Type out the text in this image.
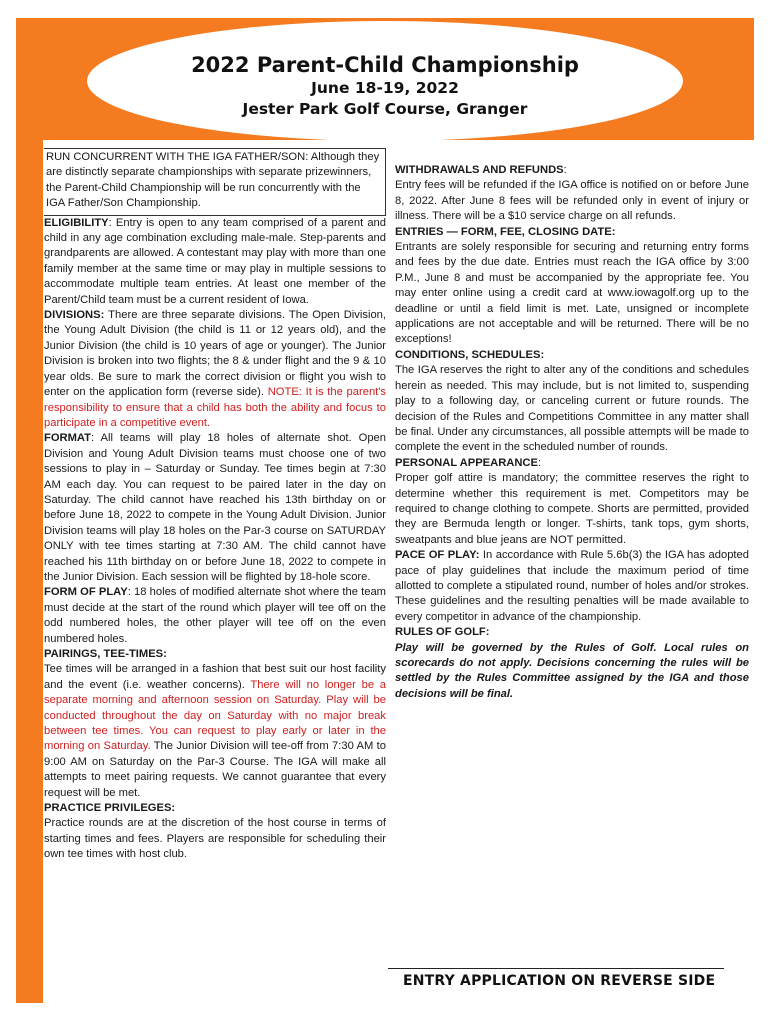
2022 Parent-Child Championship
June 18-19, 2022
Jester Park Golf Course, Granger

RUN CONCURRENT WITH THE IGA FATHER/SON: Although they are distinctly separate championships with separate prizewinners, the Parent-Child Championship will be run concurrently with the IGA Father/Son Championship.

ELIGIBILITY: Entry is open to any team comprised of a parent and child in any age combination excluding male-male. Step-parents and grandparents are allowed. A contestant may play with more than one family member at the same time or may play in multiple sessions to accommodate multiple team entries. At least one member of the Parent/Child team must be a current resident of Iowa.

DIVISIONS: There are three separate divisions. The Open Division, the Young Adult Division (the child is 11 or 12 years old), and the Junior Division (the child is 10 years of age or younger). The Junior Division is broken into two flights; the 8 & under flight and the 9 & 10 year olds. Be sure to mark the correct division or flight you wish to enter on the application form (reverse side). NOTE: It is the parent's responsibility to ensure that a child has both the ability and focus to participate in a competitive event.

FORMAT: All teams will play 18 holes of alternate shot. Open Division and Young Adult Division teams must choose one of two sessions to play in – Saturday or Sunday. Tee times begin at 7:30 AM each day. You can request to be paired later in the day on Saturday. The child cannot have reached his 13th birthday on or before June 18, 2022 to compete in the Young Adult Division. Junior Division teams will play 18 holes on the Par-3 course on SATURDAY ONLY with tee times starting at 7:30 AM. The child cannot have reached his 11th birthday on or before June 18, 2022 to compete in the Junior Division. Each session will be flighted by 18-hole score.

FORM OF PLAY: 18 holes of modified alternate shot where the team must decide at the start of the round which player will tee off on the odd numbered holes, the other player will tee off on the even numbered holes.

PAIRINGS, TEE-TIMES:
Tee times will be arranged in a fashion that best suit our host facility and the event (i.e. weather concerns). There will no longer be a separate morning and afternoon session on Saturday. Play will be conducted throughout the day on Saturday with no major break between tee times. You can request to play early or later in the morning on Saturday. The Junior Division will tee-off from 7:30 AM to 9:00 AM on Saturday on the Par-3 Course. The IGA will make all attempts to meet pairing requests. We cannot guarantee that every request will be met.

PRACTICE PRIVILEGES:
Practice rounds are at the discretion of the host course in terms of starting times and fees. Players are responsible for scheduling their own tee times with host club.

WITHDRAWALS AND REFUNDS:
Entry fees will be refunded if the IGA office is notified on or before June 8, 2022. After June 8 fees will be refunded only in event of injury or illness. There will be a $10 service charge on all refunds.

ENTRIES — FORM, FEE, CLOSING DATE:
Entrants are solely responsible for securing and returning entry forms and fees by the due date. Entries must reach the IGA office by 3:00 P.M., June 8 and must be accompanied by the appropriate fee. You may enter online using a credit card at www.iowagolf.org up to the deadline or until a field limit is met. Late, unsigned or incomplete applications are not acceptable and will be returned. There will be no exceptions!

CONDITIONS, SCHEDULES:
The IGA reserves the right to alter any of the conditions and schedules herein as needed. This may include, but is not limited to, suspending play to a following day, or canceling current or future rounds. The decision of the Rules and Competitions Committee in any matter shall be final. Under any circumstances, all possible attempts will be made to complete the event in the scheduled number of rounds.

PERSONAL APPEARANCE:
Proper golf attire is mandatory; the committee reserves the right to determine whether this requirement is met. Competitors may be required to change clothing to compete. Shorts are permitted, provided they are Bermuda length or longer. T-shirts, tank tops, gym shorts, sweatpants and blue jeans are NOT permitted.

PACE OF PLAY: In accordance with Rule 5.6b(3) the IGA has adopted pace of play guidelines that include the maximum period of time allotted to complete a stipulated round, number of holes and/or strokes. These guidelines and the resulting penalties will be made available to every competitor in advance of the championship.

RULES OF GOLF:
Play will be governed by the Rules of Golf. Local rules on scorecards do not apply. Decisions concerning the rules will be settled by the Rules Committee assigned by the IGA and those decisions will be final.

ENTRY APPLICATION ON REVERSE SIDE
